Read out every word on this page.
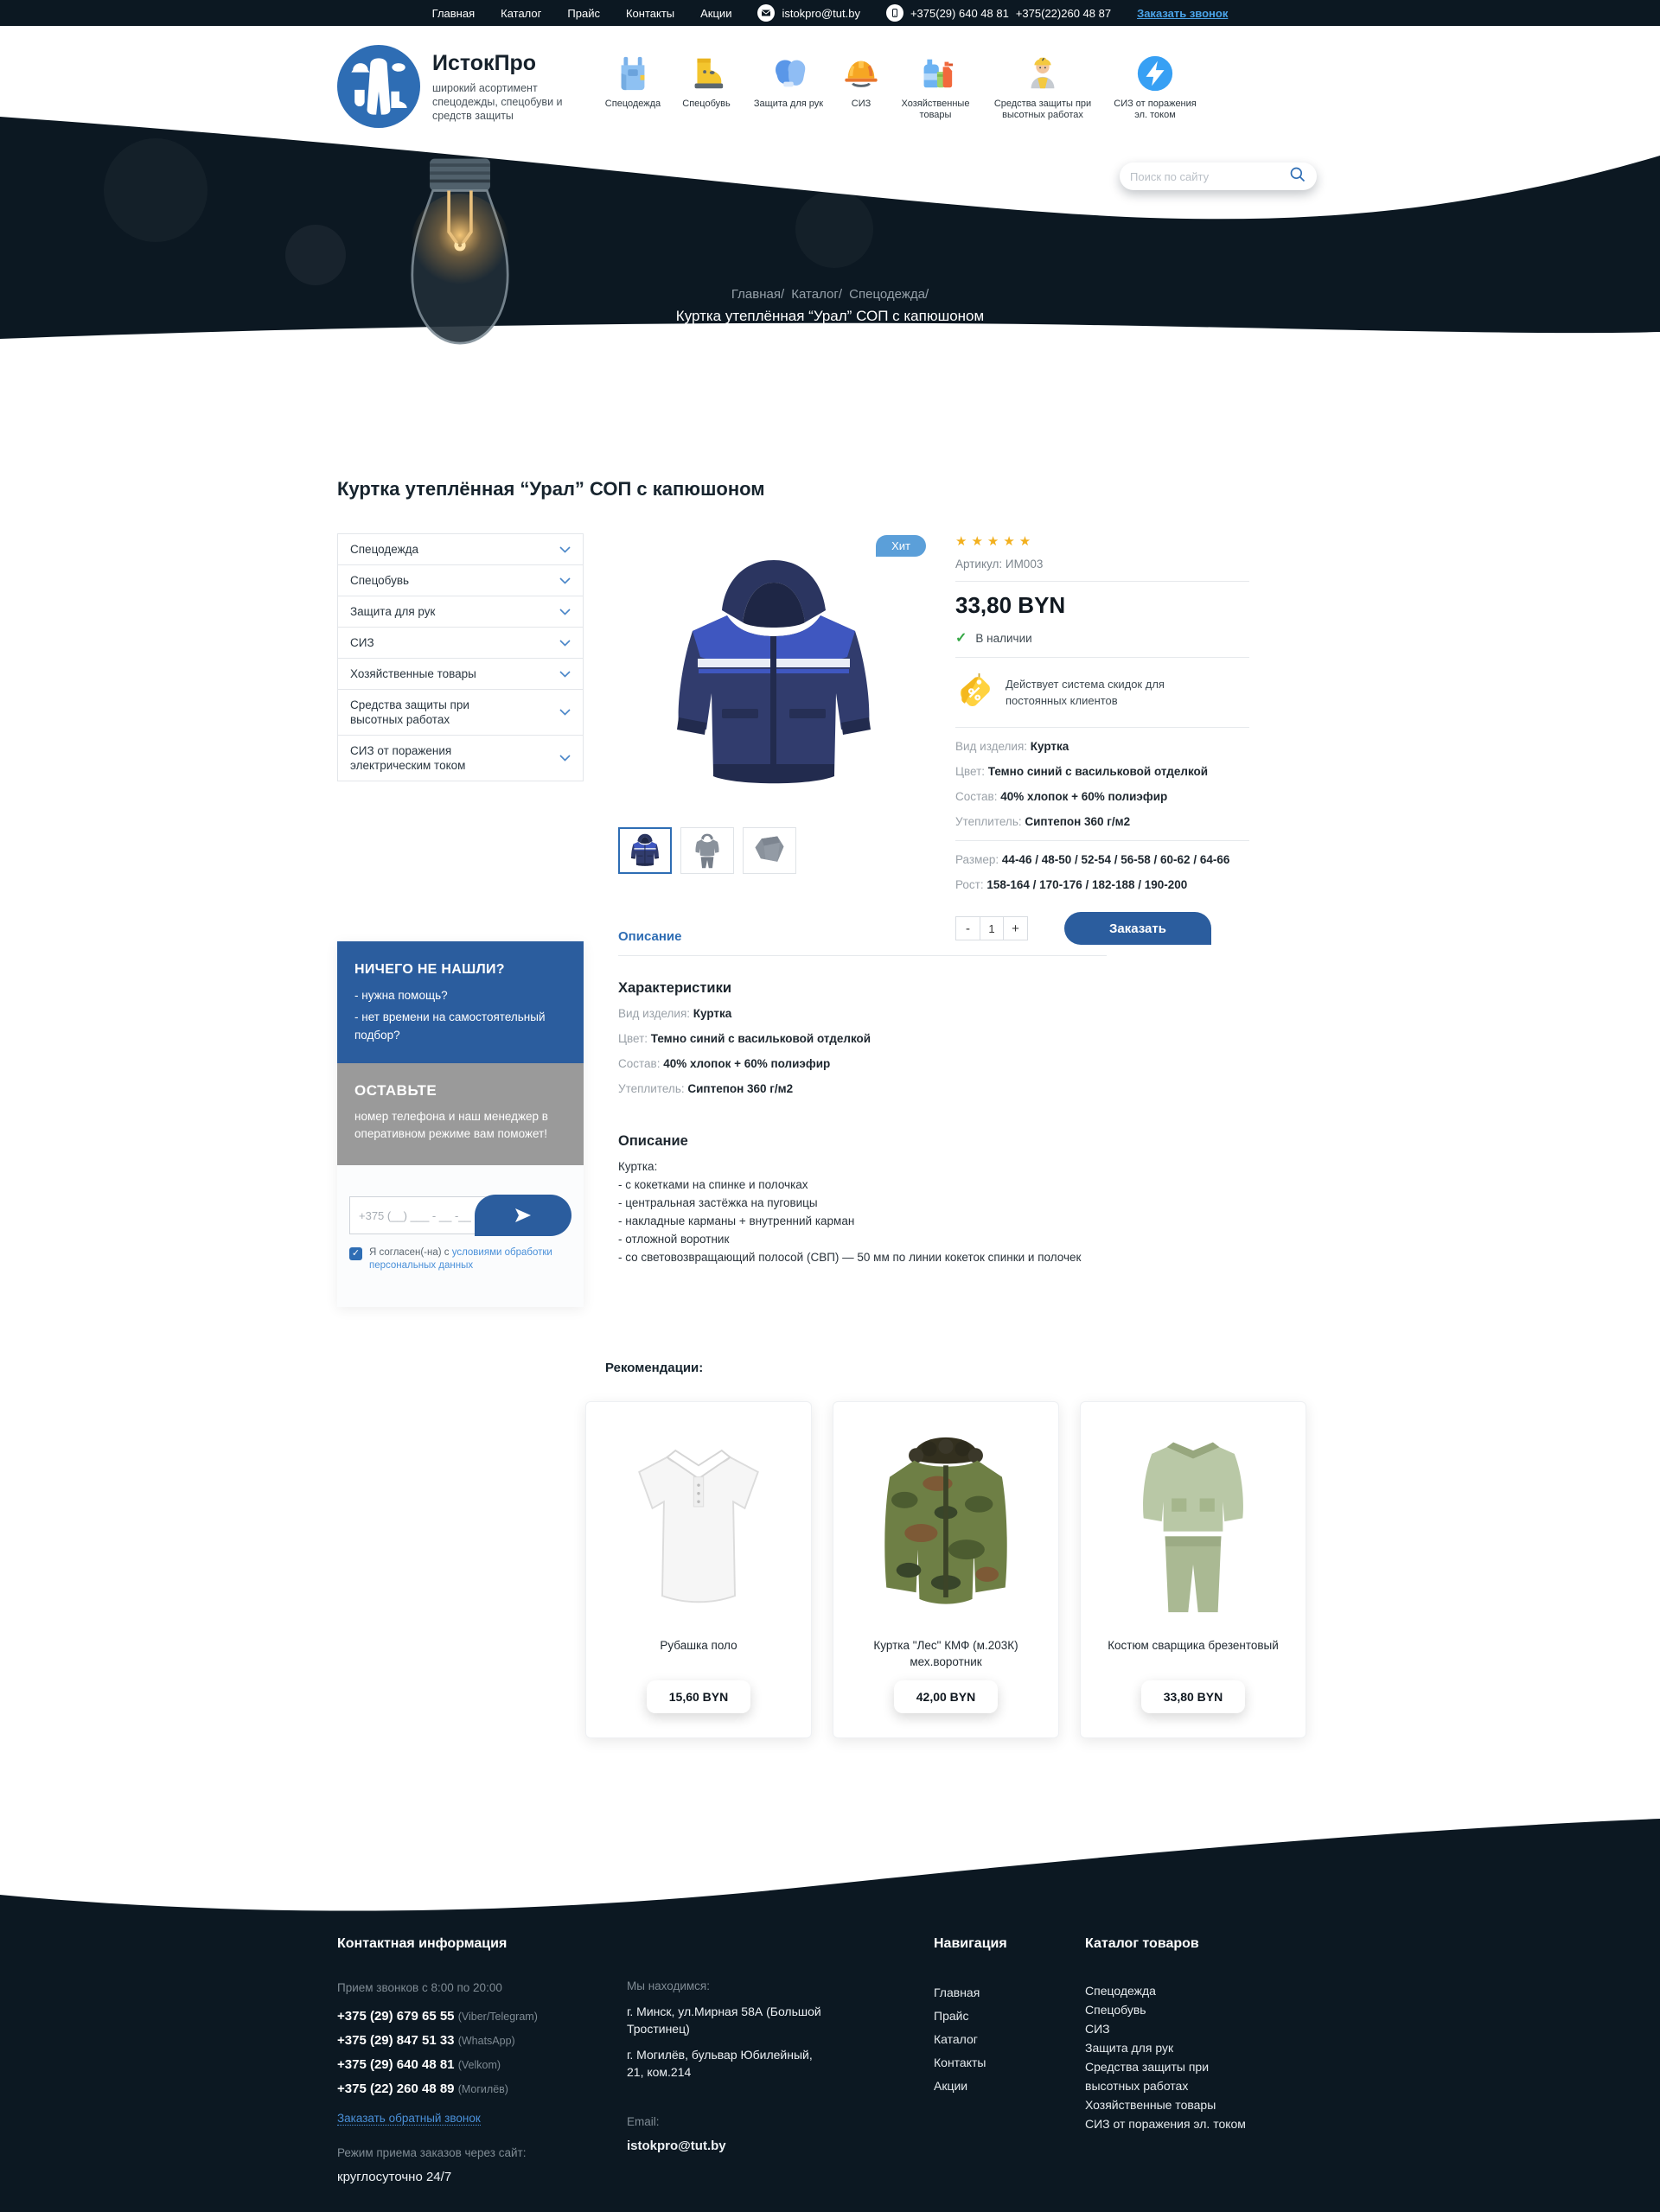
Главная Каталог Прайс Контакты Акции	istokpro@tut.by	+375(29) 640 48 81 +375(22)260 48 87 Заказать звонок
ИстокПро
широкий асортимент спецодежды, спецобуви и средств защиты
Спецодежда Спецобувь Защита для рук	СИЗ	Хозяйственные товары
Средства защиты при высотных работах
СИЗ от поражения эл. током
Поиск по сайту
Главная/ Каталог/ Спецодежда/
Куртка утеплённая “Урал” СОП с капюшоном
Куртка утеплённая “Урал” СОП с капюшоном
Спецодежда
Спецобувь
Защита для рук
СИЗ
Хозяйственные товары
Средства защиты при высотных работах
СИЗ от поражения электрическим током
НИЧЕГО НЕ НАШЛИ?
- нужна помощь?
- нет времени на самостоятельный подбор?
ОСТАВЬТЕ
номер телефона и наш менеджер в оперативном режиме вам поможет!
+375 (__) ___ - __ -__
✓ Я согласен(-на) с условиями обработки персональных данных
Хит	★★★★★
Артикул: ИМ003
33,80 BYN
✓ В наличии
Действует система скидок для постоянных клиентов
Вид изделия: Куртка
Цвет: Темно синий с васильковой отделкой
Состав: 40% хлопок + 60% полиэфир
Утеплитель: Сиптепон 360 г/м2
Размер: 44-46 / 48-50 / 52-54 / 56-58 / 60-62 / 64-66
Рост: 158-164 / 170-176 / 182-188 / 190-200
-
1	+	Заказать
Описание
Характеристики
Вид изделия: Куртка
Цвет: Темно синий с васильковой отделкой
Состав: 40% хлопок + 60% полиэфир
Утеплитель: Сиптепон 360 г/м2
Описание
Куртка:
- с кокетками на спинке и полочках
- центральная застёжка на пуговицы
- накладные карманы + внутренний карман
- отложной воротник
- со световозвращающий полосой (СВП) — 50 мм по линии кокеток спинки и полочек
Рекомендации:
Рубашка поло
15,60 BYN
Куртка "Лес" КМФ (м.203К) мех.воротник
42,00 BYN
Костюм сварщика брезентовый
33,80 BYN
Контактная информация
Прием звонков с 8:00 по 20:00
+375 (29) 679 65 55 (Viber/Telegram)
+375 (29) 847 51 33 (WhatsApp)
+375 (29) 640 48 81 (Velkom)
+375 (22) 260 48 89 (Могилёв)
Заказать обратный звонок
Режим приема заказов через сайт:
круглосуточно 24/7
Мы находимся:
г. Минск, ул.Мирная 58А (Большой Тростинец)
г. Могилёв, бульвар Юбилейный, 21, ком.214
Email:
istokpro@tut.by
Навигация
Главная
Прайс
Каталог
Контакты
Акции
Каталог товаров
Спецодежда
Спецобувь
СИЗ
Защита для рук
Средства защиты при высотных работах
Хозяйственные товары
СИЗ от поражения эл. током
